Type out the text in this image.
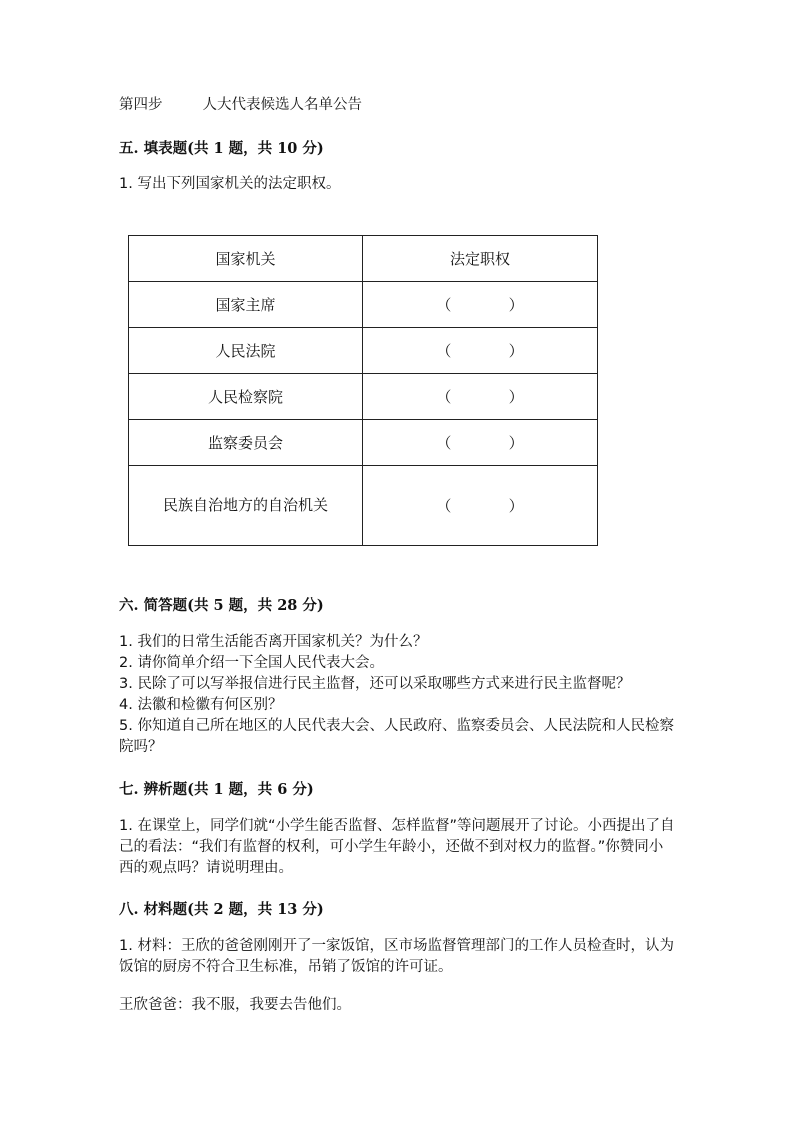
第四步	人大代表候选人名单公告
五. 填表题(共 1 题，共 10 分)
1. 写出下列国家机关的法定职权。
国家机关	法定职权
国家主席	（            ）
人民法院	（            ）
人民检察院	（            ）
监察委员会	（            ）
民族自治地方的自治机关	（            ）
六. 简答题(共 5 题，共 28 分)
1. 我们的日常生活能否离开国家机关？为什么？
2. 请你简单介绍一下全国人民代表大会。
3. 民除了可以写举报信进行民主监督，还可以采取哪些方式来进行民主监督呢？
4. 法徽和检徽有何区别？
5. 你知道自己所在地区的人民代表大会、人民政府、监察委员会、人民法院和人民检察院吗？
七. 辨析题(共 1 题，共 6 分)
1. 在课堂上，同学们就“小学生能否监督、怎样监督”等问题展开了讨论。小西提出了自己的看法：“我们有监督的权利，可小学生年龄小，还做不到对权力的监督。”你赞同小西的观点吗？请说明理由。
八. 材料题(共 2 题，共 13 分)
1. 材料：王欣的爸爸刚刚开了一家饭馆，区市场监督管理部门的工作人员检查时，认为饭馆的厨房不符合卫生标准，吊销了饭馆的许可证。
王欣爸爸：我不服，我要去告他们。
